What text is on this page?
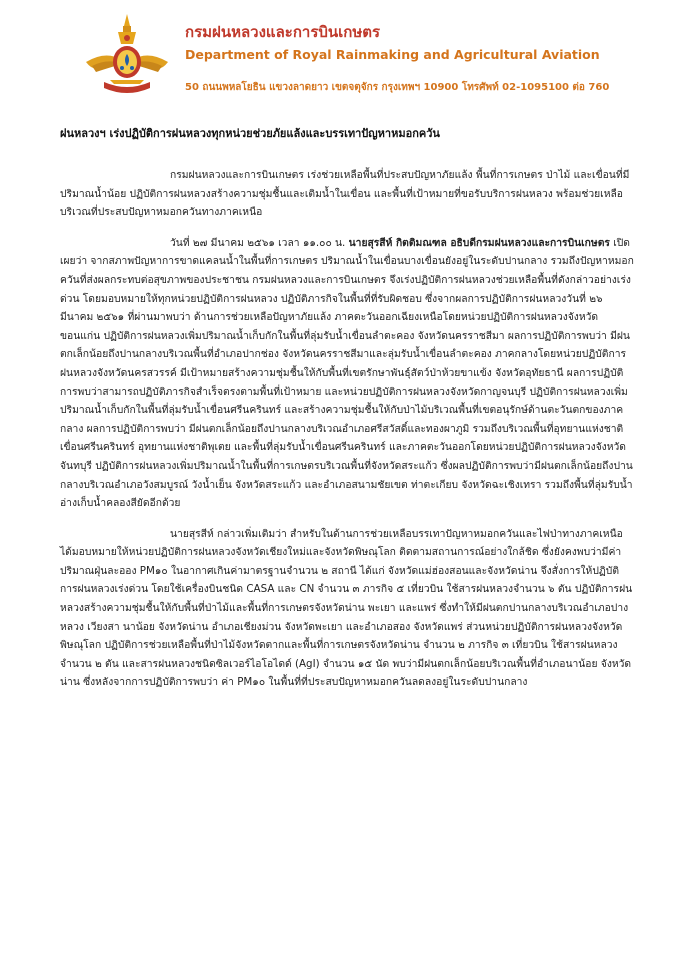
กรมฝนหลวงและการบินเกษตร
Department of Royal Rainmaking and Agricultural Aviation
50 ถนนพหลโยธิน แขวงลาดยาว เขตจตุจักร กรุงเทพฯ 10900 โทรศัพท์ 02-1095100 ต่อ 760
ฝนหลวงฯ เร่งปฏิบัติการฝนหลวงทุกหน่วยช่วยภัยแล้งและบรรเทาปัญหาหมอกควัน

กรมฝนหลวงและการบินเกษตร เร่งช่วยเหลือพื้นที่ประสบปัญหาภัยแล้ง พื้นที่การเกษตร ป่าไม้ และเขื่อนที่มีปริมาณน้ำน้อย ปฏิบัติการฝนหลวงสร้างความชุ่มชื้นและเติมน้ำในเขื่อน และพื้นที่เป้าหมายที่ขอรับบริการฝนหลวง พร้อมช่วยเหลือบริเวณที่ประสบปัญหาหมอกควันทางภาคเหนือ

วันที่ ๒๗ มีนาคม ๒๕๖๑ เวลา ๑๑.๐๐ น. นายสุรสีห์ กิตติมณฑล อธิบดีกรมฝนหลวงและการบินเกษตร เปิดเผยว่า จากสภาพปัญหาการขาดแคลนน้ำในพื้นที่การเกษตร ปริมาณน้ำในเขื่อนบางเขื่อนยังอยู่ในระดับปานกลาง รวมถึงปัญหาหมอกควันที่ส่งผลกระทบต่อสุขภาพของประชาชน กรมฝนหลวงและการบินเกษตร จึงเร่งปฏิบัติการฝนหลวงช่วยเหลือพื้นที่ดังกล่าวอย่างเร่งด่วน โดยมอบหมายให้ทุกหน่วยปฏิบัติการฝนหลวง ปฏิบัติภารกิจในพื้นที่ที่รับผิดชอบ ซึ่งจากผลการปฏิบัติการฝนหลวงวันที่ ๒๖ มีนาคม ๒๕๖๑ ที่ผ่านมาพบว่า ด้านการช่วยเหลือปัญหาภัยแล้ง ภาคตะวันออกเฉียงเหนือโดยหน่วยปฏิบัติการฝนหลวงจังหวัดขอนแก่น ปฏิบัติการฝนหลวงเพิ่มปริมาณน้ำเก็บกักในพื้นที่ลุ่มรับน้ำเขื่อนลำตะคอง จังหวัดนครราชสีมา ผลการปฏิบัติการพบว่า มีฝนตกเล็กน้อยถึงปานกลางบริเวณพื้นที่อำเภอปากช่อง จังหวัดนครราชสีมาและลุ่มรับน้ำเขื่อนลำตะคอง ภาคกลางโดยหน่วยปฏิบัติการฝนหลวงจังหวัดนครสวรรค์ มีเป้าหมายสร้างความชุ่มชื้นให้กับพื้นที่เขตรักษาพันธุ์สัตว์ป่าห้วยขาแข้ง จังหวัดอุทัยธานี ผลการปฏิบัติการพบว่าสามารถปฏิบัติภารกิจสำเร็จตรงตามพื้นที่เป้าหมาย และหน่วยปฏิบัติการฝนหลวงจังหวัดกาญจนบุรี ปฏิบัติการฝนหลวงเพิ่มปริมาณน้ำเก็บกักในพื้นที่ลุ่มรับน้ำเขื่อนศรีนครินทร์ และสร้างความชุ่มชื้นให้กับป่าไม้บริเวณพื้นที่เขตอนุรักษ์ด้านตะวันตกของภาคกลาง ผลการปฏิบัติการพบว่า มีฝนตกเล็กน้อยถึงปานกลางบริเวณอำเภอศรีสวัสดิ์และทองผาภูมิ รวมถึงบริเวณพื้นที่อุทยานแห่งชาติเขื่อนศรีนครินทร์ อุทยานแห่งชาติพุเตย และพื้นที่ลุ่มรับน้ำเขื่อนศรีนครินทร์ และภาคตะวันออกโดยหน่วยปฏิบัติการฝนหลวงจังหวัดจันทบุรี ปฏิบัติการฝนหลวงเพิ่มปริมาณน้ำในพื้นที่การเกษตรบริเวณพื้นที่จังหวัดสระแก้ว ซึ่งผลปฏิบัติการพบว่ามีฝนตกเล็กน้อยถึงปานกลางบริเวณอำเภอวังสมบูรณ์ วังน้ำเย็น จังหวัดสระแก้ว และอำเภอสนามชัยเขต ท่าตะเกียบ จังหวัดฉะเชิงเทรา รวมถึงพื้นที่ลุ่มรับน้ำอ่างเก็บน้ำคลองสียัดอีกด้วย

นายสุรสีห์ กล่าวเพิ่มเติมว่า สำหรับในด้านการช่วยเหลือบรรเทาปัญหาหมอกควันและไฟป่าทางภาคเหนือ ได้มอบหมายให้หน่วยปฏิบัติการฝนหลวงจังหวัดเชียงใหม่และจังหวัดพิษณุโลก ติดตามสถานการณ์อย่างใกล้ชิด ซึ่งยังคงพบว่ามีค่าปริมาณฝุ่นละออง PM๑๐ ในอากาศเกินค่ามาตรฐานจำนวน ๒ สถานี ได้แก่ จังหวัดแม่ฮ่องสอนและจังหวัดน่าน จึงสั่งการให้ปฏิบัติการฝนหลวงเร่งด่วน โดยใช้เครื่องบินชนิด CASA และ CN จำนวน ๓ ภารกิจ ๕ เที่ยวบิน ใช้สารฝนหลวงจำนวน ๖ ตัน ปฏิบัติการฝนหลวงสร้างความชุ่มชื้นให้กับพื้นที่ป่าไม้และพื้นที่การเกษตรจังหวัดน่าน พะเยา และแพร่ ซึ่งทำให้มีฝนตกปานกลางบริเวณอำเภอปางหลวง เวียงสา นาน้อย จังหวัดน่าน อำเภอเชียงม่วน จังหวัดพะเยา และอำเภอสอง จังหวัดแพร่ ส่วนหน่วยปฏิบัติการฝนหลวงจังหวัดพิษณุโลก ปฏิบัติการช่วยเหลือพื้นที่ป่าไม้จังหวัดตากและพื้นที่การเกษตรจังหวัดน่าน จำนวน ๒ ภารกิจ ๓ เที่ยวบิน ใช้สารฝนหลวงจำนวน ๒ ตัน และสารฝนหลวงชนิดซิลเวอร์ไอโอไดด์ (AgI) จำนวน ๑๕ นัด พบว่ามีฝนตกเล็กน้อยบริเวณพื้นที่อำเภอนาน้อย จังหวัดน่าน ซึ่งหลังจากการปฏิบัติการพบว่า ค่า PM๑๐ ในพื้นที่ที่ประสบปัญหาหมอกควันลดลงอยู่ในระดับปานกลาง
